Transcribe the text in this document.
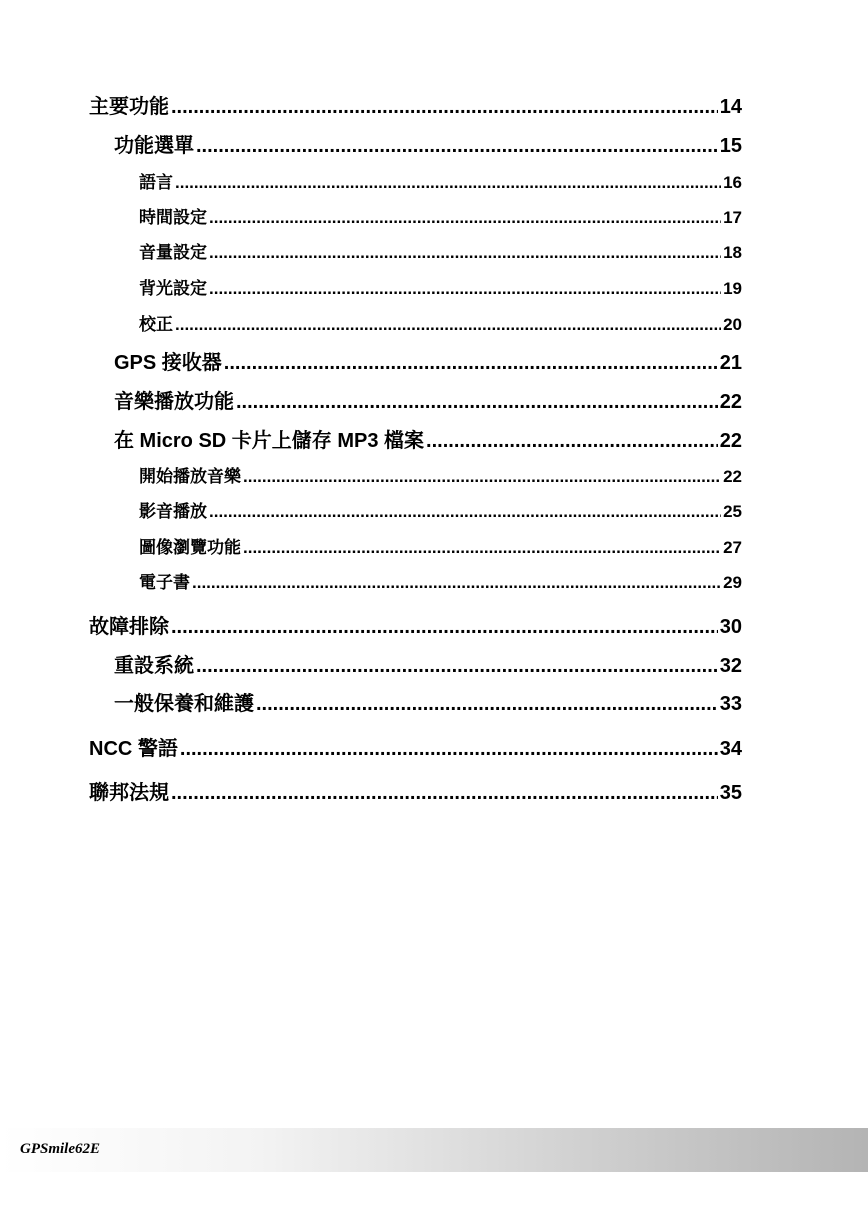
主要功能 .....	14
功能選單 .....	15
語言 .....	16
時間設定 .....	17
音量設定 .....	18
背光設定 .....	19
校正 .....	20
GPS 接收器 .....	21
音樂播放功能 .....	22
在 Micro SD 卡片上儲存 MP3 檔案 .....	22
開始播放音樂 .....	22
影音播放 .....	25
圖像瀏覽功能 .....	27
電子書 .....	29
故障排除 .....	30
重設系統 .....	32
一般保養和維護 .....	33
NCC 警語 .....	34
聯邦法規 .....	35
GPSmile62E
